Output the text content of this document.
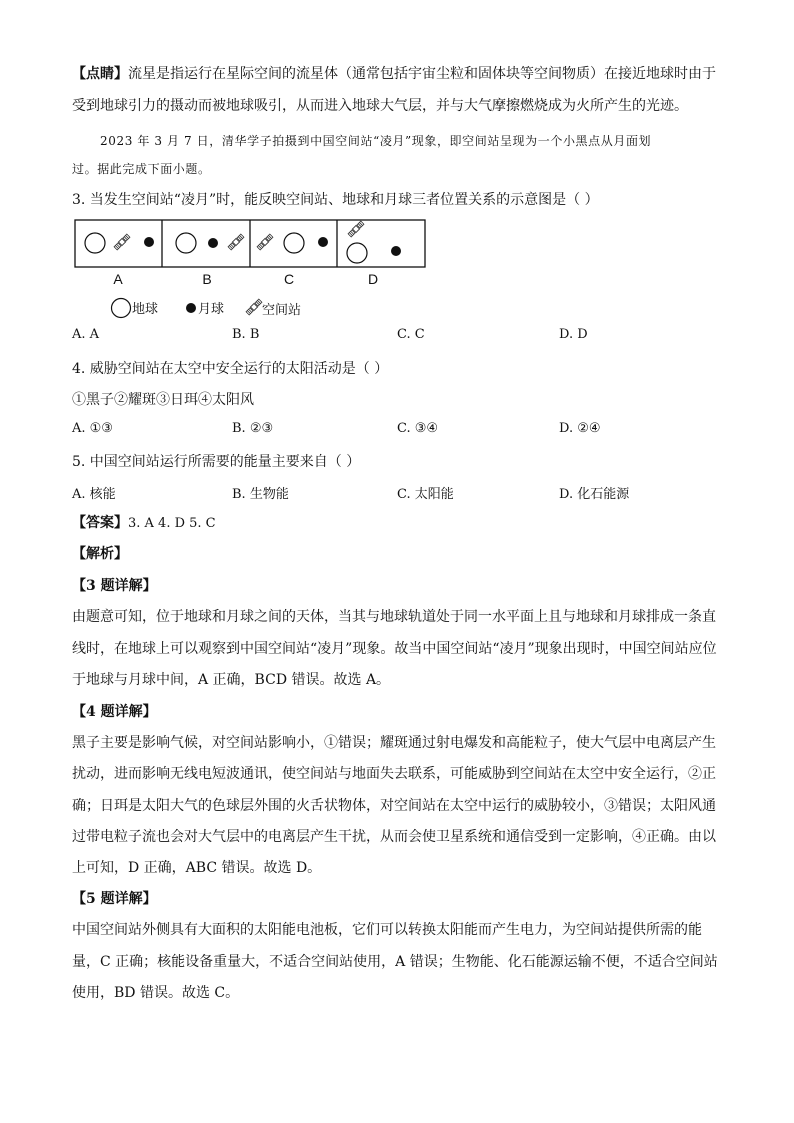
【点睛】流星是指运行在星际空间的流星体（通常包括宇宙尘粒和固体块等空间物质）在接近地球时由于
受到地球引力的摄动而被地球吸引，从而进入地球大气层，并与大气摩擦燃烧成为火所产生的光迹。
2023 年 3 月 7 日，清华学子拍摄到中国空间站“凌月”现象，即空间站呈现为一个小黑点从月面划
过。据此完成下面小题。
3. 当发生空间站“凌月”时，能反映空间站、地球和月球三者位置关系的示意图是（ ）
A	B	C	D
地球	月球	空间站
A. A	B. B	C. C	D. D
4. 威胁空间站在太空中安全运行的太阳活动是（ ）
①黑子②耀斑③日珥④太阳风
A. ①③	B. ②③	C. ③④	D. ②④
5. 中国空间站运行所需要的能量主要来自（ ）
A. 核能	B. 生物能	C. 太阳能	D. 化石能源
【答案】3. A 4. D 5. C
【解析】
【3 题详解】
由题意可知，位于地球和月球之间的天体，当其与地球轨道处于同一水平面上且与地球和月球排成一条直
线时，在地球上可以观察到中国空间站“凌月”现象。故当中国空间站“凌月”现象出现时，中国空间站应位
于地球与月球中间，A 正确，BCD 错误。故选 A。
【4 题详解】
黑子主要是影响气候，对空间站影响小，①错误；耀斑通过射电爆发和高能粒子，使大气层中电离层产生
扰动，进而影响无线电短波通讯，使空间站与地面失去联系，可能威胁到空间站在太空中安全运行，②正
确；日珥是太阳大气的色球层外围的火舌状物体，对空间站在太空中运行的威胁较小，③错误；太阳风通
过带电粒子流也会对大气层中的电离层产生干扰，从而会使卫星系统和通信受到一定影响，④正确。由以
上可知，D 正确，ABC 错误。故选 D。
【5 题详解】
中国空间站外侧具有大面积的太阳能电池板，它们可以转换太阳能而产生电力，为空间站提供所需的能
量，C 正确；核能设备重量大，不适合空间站使用，A 错误；生物能、化石能源运输不便，不适合空间站
使用，BD 错误。故选 C。
